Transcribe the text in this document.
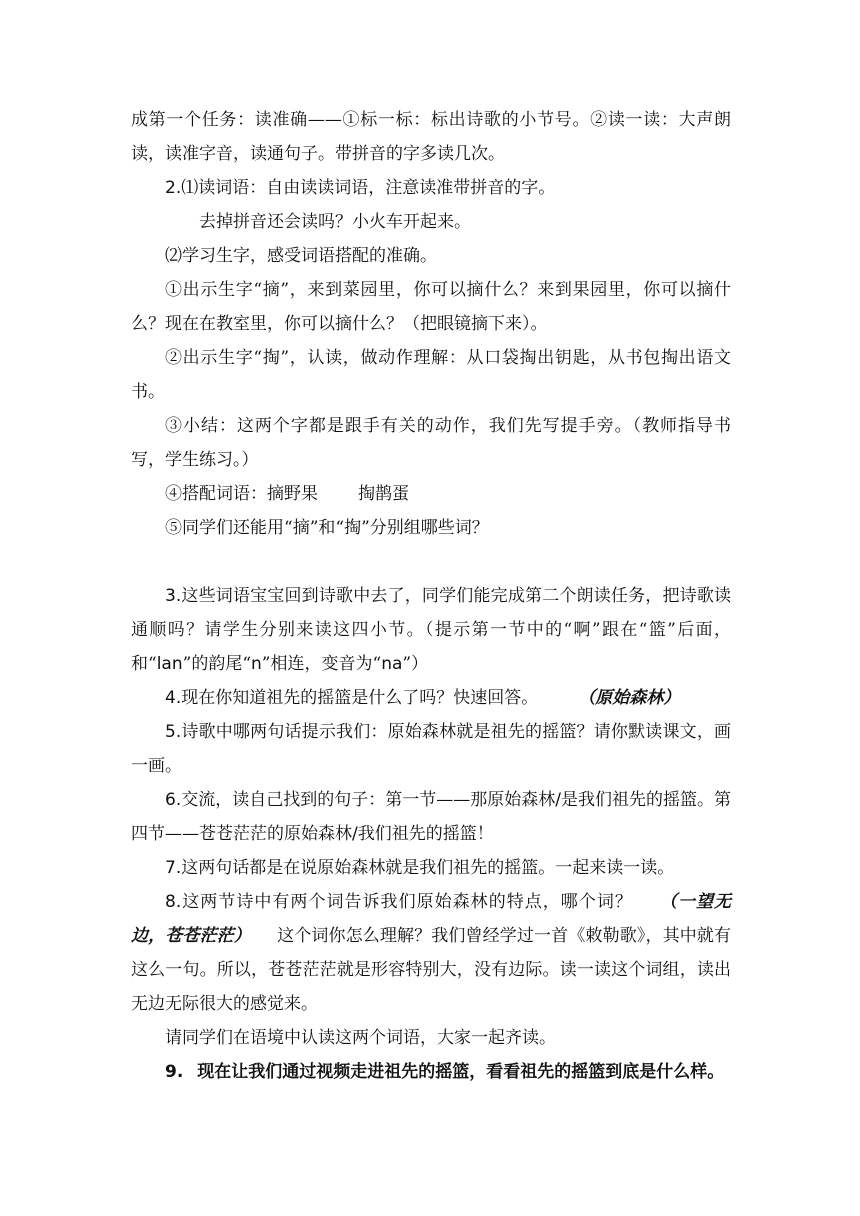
成第一个任务：读准确——①标一标：标出诗歌的小节号。②读一读：大声朗读，读准字音，读通句子。带拼音的字多读几次。

2.⑴读词语：自由读读词语，注意读准带拼音的字。

去掉拼音还会读吗？小火车开起来。

⑵学习生字，感受词语搭配的准确。

①出示生字“摘”，来到菜园里，你可以摘什么？来到果园里，你可以摘什么？现在在教室里，你可以摘什么？（把眼镜摘下来）。

②出示生字“掏”，认读，做动作理解：从口袋掏出钥匙，从书包掏出语文书。

③小结：这两个字都是跟手有关的动作，我们先写提手旁。（教师指导书写，学生练习。）

④搭配词语：摘野果 掏鹊蛋

⑤同学们还能用“摘”和“掏”分别组哪些词？

3.这些词语宝宝回到诗歌中去了，同学们能完成第二个朗读任务，把诗歌读通顺吗？请学生分别来读这四小节。（提示第一节中的“啊”跟在“篮”后面，和“lan”的韵尾“n”相连，变音为“na”）

4.现在你知道祖先的摇篮是什么了吗？快速回答。 （原始森林）

5.诗歌中哪两句话提示我们：原始森林就是祖先的摇篮？请你默读课文，画一画。

6.交流，读自己找到的句子：第一节——那原始森林/是我们祖先的摇篮。第四节——苍苍茫茫的原始森林/我们祖先的摇篮！

7.这两句话都是在说原始森林就是我们祖先的摇篮。一起来读一读。

8.这两节诗中有两个词告诉我们原始森林的特点，哪个词？ （一望无边，苍苍茫茫） 这个词你怎么理解？我们曾经学过一首《敕勒歌》，其中就有这么一句。所以，苍苍茫茫就是形容特别大，没有边际。读一读这个词组，读出无边无际很大的感觉来。

请同学们在语境中认读这两个词语，大家一起齐读。

9. 现在让我们通过视频走进祖先的摇篮，看看祖先的摇篮到底是什么样。
